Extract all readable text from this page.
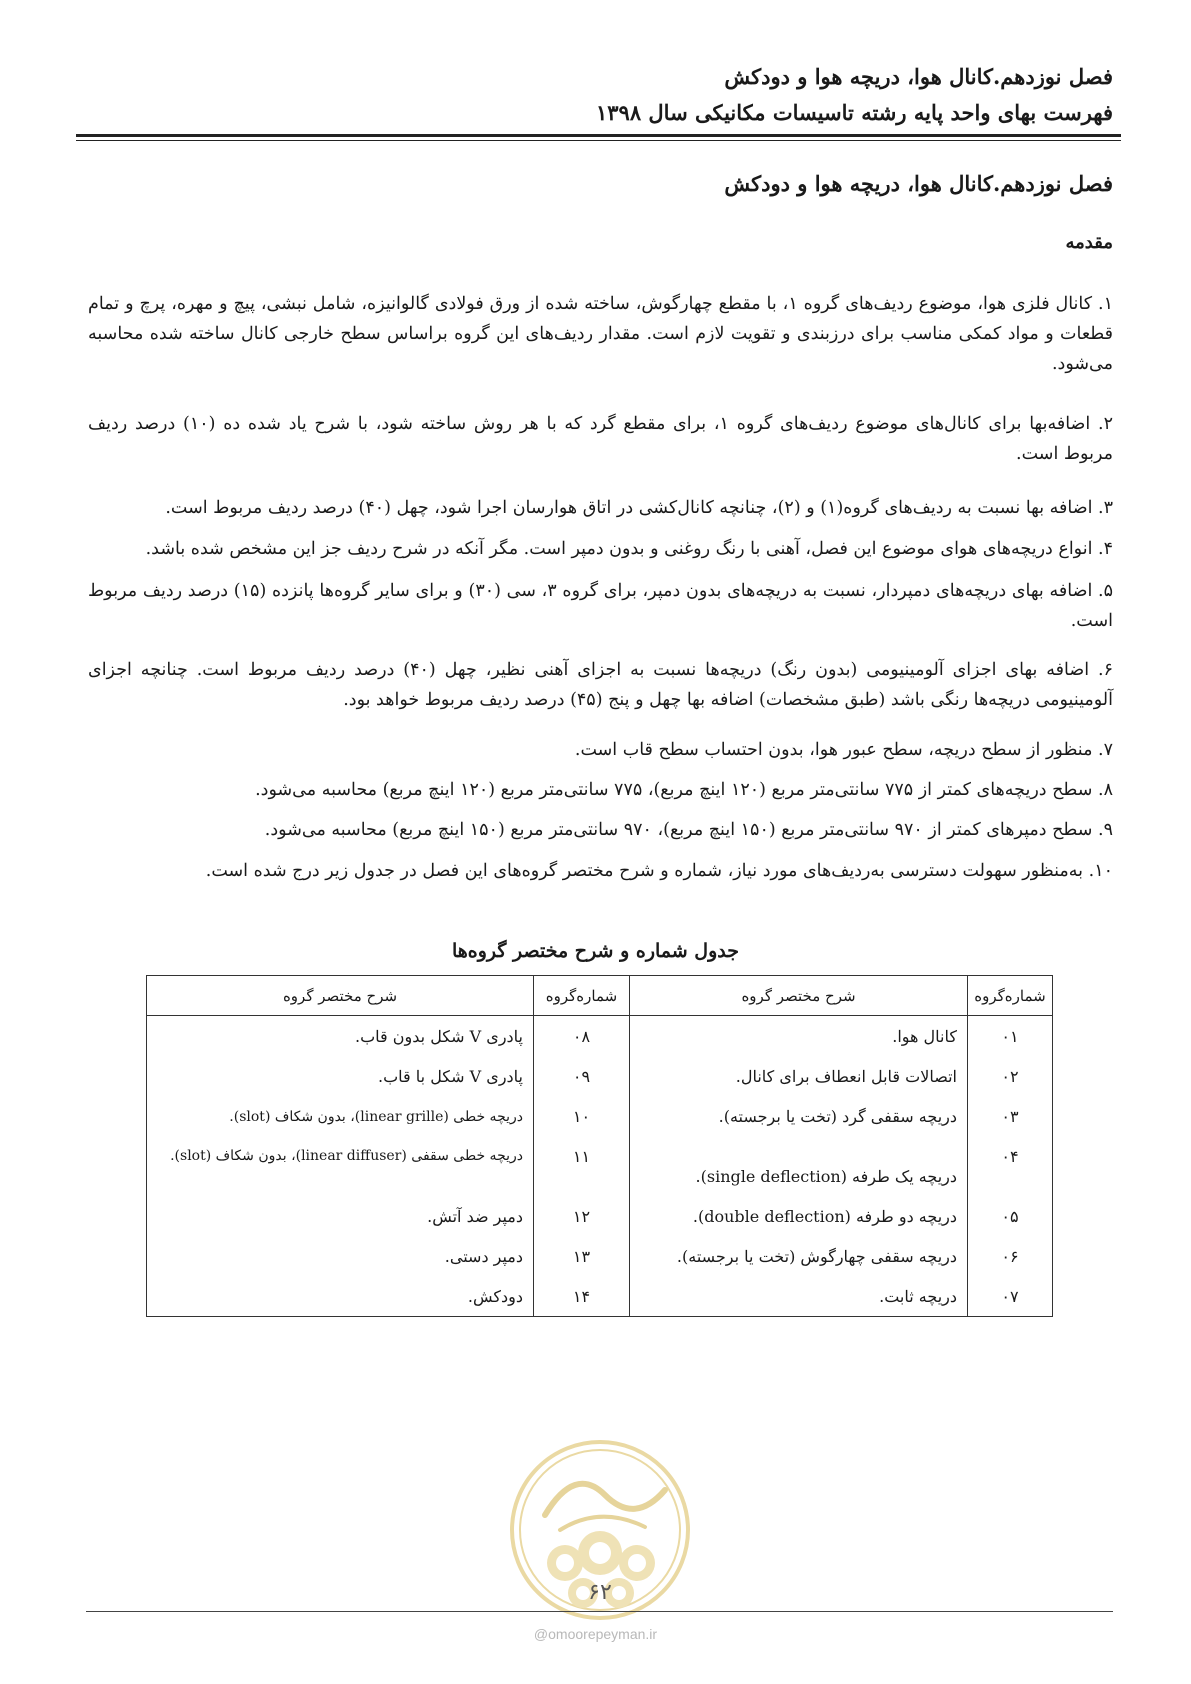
فصل نوزدهم.کانال هوا، دریچه هوا و دودکش
فهرست بهای واحد پایه رشته تاسیسات مکانیکی سال ۱۳۹۸
فصل نوزدهم.کانال هوا، دریچه هوا و دودکش
مقدمه
۱. کانال فلزی هوا، موضوع ردیف‌های گروه ۱، با مقطع چهارگوش، ساخته شده از ورق فولادی گالوانیزه، شامل نبشی، پیچ و مهره، پرچ و تمام قطعات و مواد کمکی مناسب برای درزبندی و تقویت لازم است. مقدار ردیف‌های این گروه براساس سطح خارجی کانال ساخته شده محاسبه می‌شود.
۲. اضافه‌بها برای کانال‌های موضوع ردیف‌های گروه ۱، برای مقطع گرد که با هر روش ساخته شود، با شرح یاد شده ده (۱۰) درصد ردیف مربوط است.
۳. اضافه بها نسبت به ردیف‌های گروه(۱) و (۲)، چنانچه کانال‌کشی در اتاق هوارسان اجرا شود، چهل (۴۰) درصد ردیف مربوط است.
۴. انواع دریچه‌های هوای موضوع این فصل، آهنی با رنگ روغنی و بدون دمپر است. مگر آنکه در شرح ردیف جز این مشخص شده باشد.
۵. اضافه بهای دریچه‌های دمپردار، نسبت به دریچه‌های بدون دمپر، برای گروه ۳، سی (۳۰) و برای سایر گروه‌ها پانزده (۱۵) درصد ردیف مربوط است.
۶. اضافه بهای اجزای آلومینیومی (بدون رنگ) دریچه‌ها نسبت به اجزای آهنی نظیر، چهل (۴۰) درصد ردیف مربوط است. چنانچه اجزای آلومینیومی دریچه‌ها رنگی باشد (طبق مشخصات) اضافه بها چهل و پنج (۴۵) درصد ردیف مربوط خواهد بود.
۷. منظور از سطح دریچه، سطح عبور هوا، بدون احتساب سطح قاب است.
۸. سطح دریچه‌های کمتر از ۷۷۵ سانتی‌متر مربع (۱۲۰ اینچ مربع)، ۷۷۵ سانتی‌متر مربع (۱۲۰ اینچ مربع) محاسبه می‌شود.
۹. سطح دمپرهای کمتر از ۹۷۰ سانتی‌متر مربع (۱۵۰ اینچ مربع)، ۹۷۰ سانتی‌متر مربع (۱۵۰ اینچ مربع) محاسبه می‌شود.
۱۰. به‌منظور سهولت دسترسی به‌ردیف‌های مورد نیاز، شماره و شرح مختصر گروه‌های این فصل در جدول زیر درج شده است.
جدول شماره و شرح مختصر گروه‌ها
شماره‌گروه	شرح مختصر گروه	شماره‌گروه	شرح مختصر گروه
۰۱	کانال هوا.	۰۸	پادری V شکل بدون قاب.
۰۲	اتصالات قابل انعطاف برای کانال.	۰۹	پادری V شکل با قاب.
۰۳	دریچه سقفی گرد (تخت یا برجسته).	۱۰	دریچه خطی (linear grille)، بدون شکاف (slot).
۰۴	دریچه یک طرفه (single deflection).	۱۱	دریچه خطی سقفی (linear diffuser)، بدون شکاف (slot).
۰۵	دریچه دو طرفه (double deflection).	۱۲	دمپر ضد آتش.
۰۶	دریچه سقفی چهارگوش (تخت یا برجسته).	۱۳	دمپر دستی.
۰۷	دریچه ثابت.	۱۴	دودکش.
۶۲
@omoorepeyman.ir
